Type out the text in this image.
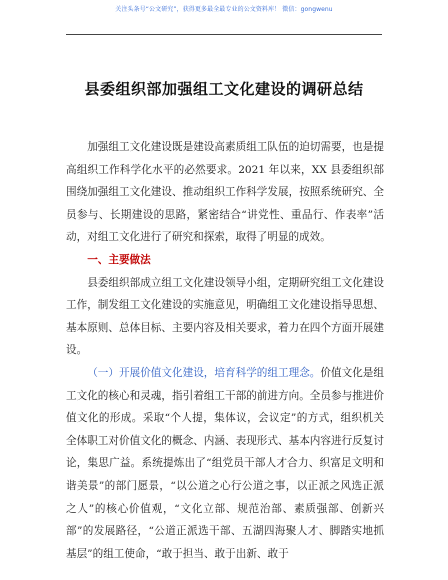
关注头条号“公文研究”，获得更多最全最专业的公文资料库！ 微信：gongwenu
县委组织部加强组工文化建设的调研总结

加强组工文化建设既是建设高素质组工队伍的迫切需要，也是提高组织工作科学化水平的必然要求。2021 年以来，XX 县委组织部围绕加强组工文化建设、推动组织工作科学发展，按照系统研究、全员参与、长期建设的思路，紧密结合“讲党性、重品行、作表率”活动，对组工文化进行了研究和探索，取得了明显的成效。

一、主要做法

县委组织部成立组工文化建设领导小组，定期研究组工文化建设工作，制发组工文化建设的实施意见，明确组工文化建设指导思想、基本原则、总体目标、主要内容及相关要求，着力在四个方面开展建设。

（一）开展价值文化建设，培育科学的组工理念。价值文化是组工文化的核心和灵魂，指引着组工干部的前进方向。全员参与推进价值文化的形成。采取“个人提，集体议，会议定”的方式，组织机关全体职工对价值文化的概念、内涵、表现形式、基本内容进行反复讨论，集思广益。系统提炼出了“组党员干部人才合力、织富足文明和谐美景”的部门愿景，“以公道之心行公道之事，以正派之风选正派之人”的核心价值观，“文化立部、规范治部、素质强部、创新兴部”的发展路径，“公道正派选干部、五湖四海聚人才、脚踏实地抓基层”的组工使命，“敢于担当、敢于出新、敢于
